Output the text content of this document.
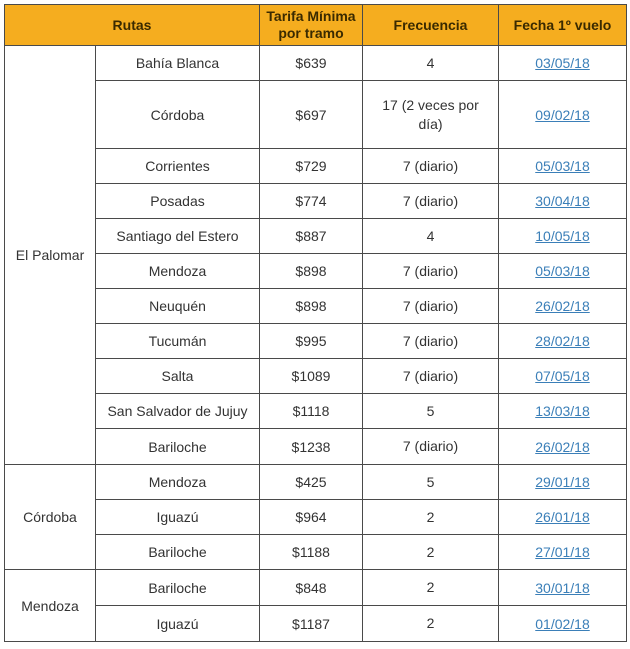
Rutas		Tarifa Mínima por tramo	Frecuencia	Fecha 1º vuelo
El Palomar	Bahía Blanca	$639	4	03/05/18
	Córdoba	$697	17 (2 veces por día)	09/02/18
	Corrientes	$729	7 (diario)	05/03/18
	Posadas	$774	7 (diario)	30/04/18
	Santiago del Estero	$887	4	10/05/18
	Mendoza	$898	7 (diario)	05/03/18
	Neuquén	$898	7 (diario)	26/02/18
	Tucumán	$995	7 (diario)	28/02/18
	Salta	$1089	7 (diario)	07/05/18
	San Salvador de Jujuy	$1118	5	13/03/18
	Bariloche	$1238	7 (diario)	26/02/18
Córdoba	Mendoza	$425	5	29/01/18
	Iguazú	$964	2	26/01/18
	Bariloche	$1188	2	27/01/18
Mendoza	Bariloche	$848	2	30/01/18
	Iguazú	$1187	2	01/02/18
